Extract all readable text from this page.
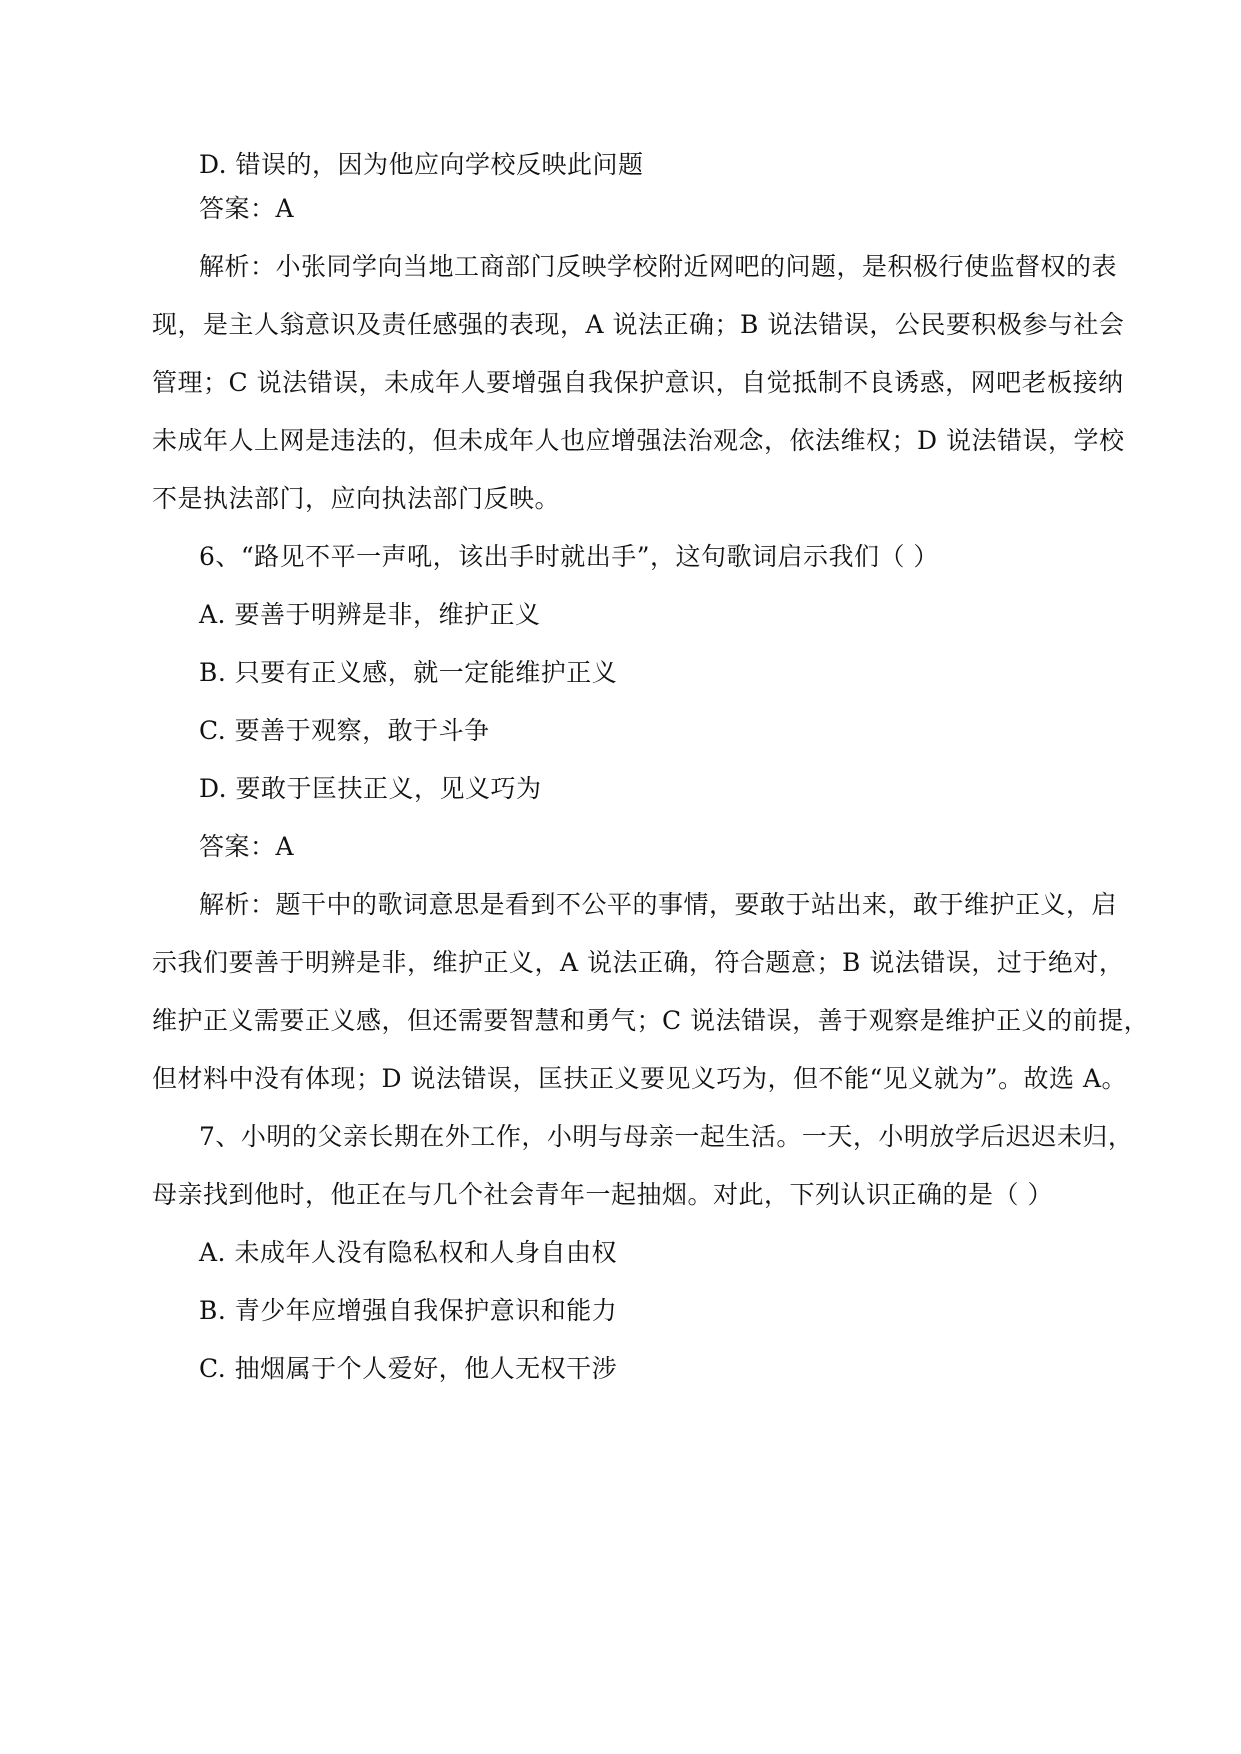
D. 错误的，因为他应向学校反映此问题
答案：A
解析：小张同学向当地工商部门反映学校附近网吧的问题，是积极行使监督权的表
现，是主人翁意识及责任感强的表现，A 说法正确；B 说法错误，公民要积极参与社会
管理；C 说法错误，未成年人要增强自我保护意识，自觉抵制不良诱惑，网吧老板接纳
未成年人上网是违法的，但未成年人也应增强法治观念，依法维权；D 说法错误，学校
不是执法部门，应向执法部门反映。
6、“路见不平一声吼，该出手时就出手”，这句歌词启示我们（ ）
A. 要善于明辨是非，维护正义
B. 只要有正义感，就一定能维护正义
C. 要善于观察，敢于斗争
D. 要敢于匡扶正义，见义巧为
答案：A
解析：题干中的歌词意思是看到不公平的事情，要敢于站出来，敢于维护正义，启
示我们要善于明辨是非，维护正义，A 说法正确，符合题意；B 说法错误，过于绝对，
维护正义需要正义感，但还需要智慧和勇气；C 说法错误，善于观察是维护正义的前提，
但材料中没有体现；D 说法错误，匡扶正义要见义巧为，但不能“见义就为”。故选 A。
7、小明的父亲长期在外工作，小明与母亲一起生活。一天，小明放学后迟迟未归，
母亲找到他时，他正在与几个社会青年一起抽烟。对此，下列认识正确的是（ ）
A. 未成年人没有隐私权和人身自由权
B. 青少年应增强自我保护意识和能力
C. 抽烟属于个人爱好，他人无权干涉
